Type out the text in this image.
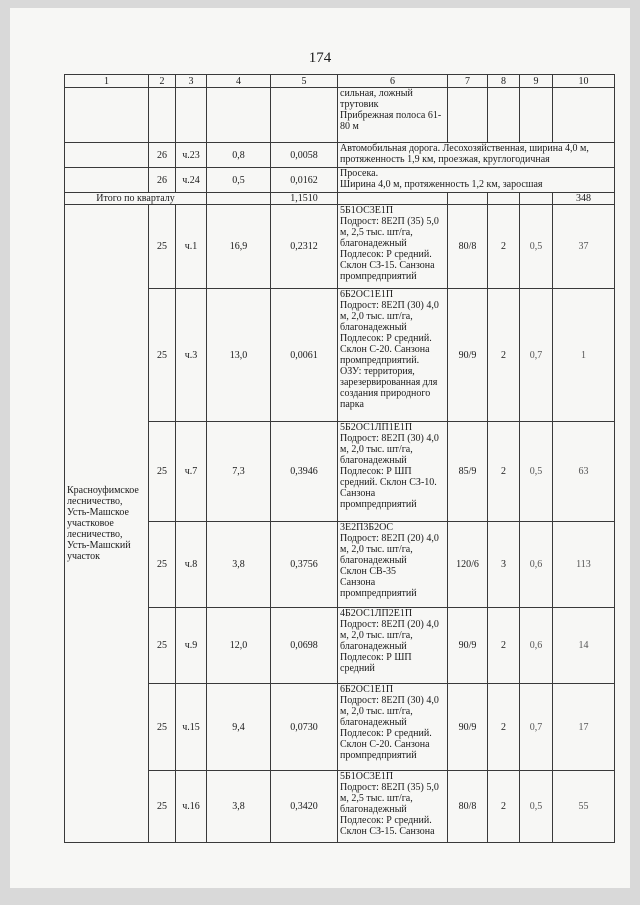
174
1	2	3	4	5	6	7	8	9	10
					сильная, ложный трутовик
Прибрежная полоса 61-80 м				
	26	ч.23	0,8	0,0058	Автомобильная дорога. Лесохозяйственная, ширина 4,0 м, протяженность 1,9 км, проезжая, круглогодичная				
	26	ч.24	0,5	0,0162	Просека.
Ширина 4,0 м, протяженность 1,2 км, заросшая				
Итого по кварталу				1,1510					348
Красноуфимское лесничество, Усть-Машское участковое лесничество, Усть-Машский участок	25	ч.1	16,9	0,2312	5Б1ОС3Е1П
Подрост: 8Е2П (35) 5,0 м, 2,5 тыс. шт/га, благонадежный
Подлесок: Р средний.
Склон СЗ-15. Санзона промпредприятий	80/8	2	0,5	37
	25	ч.3	13,0	0,0061	6Б2ОС1Е1П
Подрост: 8Е2П (30) 4,0 м, 2,0 тыс. шт/га, благонадежный
Подлесок: Р средний.
Склон С-20. Санзона промпредприятий.
ОЗУ: территория, зарезервированная для создания природного парка	90/9	2	0,7	1
	25	ч.7	7,3	0,3946	5Б2ОС1ЛП1Е1П
Подрост: 8Е2П (30) 4,0 м, 2,0 тыс. шт/га, благонадежный
Подлесок: Р ШП средний. Склон СЗ-10. Санзона промпредприятий	85/9	2	0,5	63
	25	ч.8	3,8	0,3756	3Е2П3Б2ОС
Подрост: 8Е2П (20) 4,0 м, 2,0 тыс. шт/га, благонадежный
Склон СВ-35
Санзона промпредприятий	120/6	3	0,6	113
	25	ч.9	12,0	0,0698	4Б2ОС1ЛП2Е1П
Подрост: 8Е2П (20) 4,0 м, 2,0 тыс. шт/га, благонадежный
Подлесок: Р ШП средний	90/9	2	0,6	14
	25	ч.15	9,4	0,0730	6Б2ОС1Е1П
Подрост: 8Е2П (30) 4,0 м, 2,0 тыс. шт/га, благонадежный
Подлесок: Р средний.
Склон С-20. Санзона промпредприятий	90/9	2	0,7	17
	25	ч.16	3,8	0,3420	5Б1ОС3Е1П
Подрост: 8Е2П (35) 5,0 м, 2,5 тыс. шт/га, благонадежный
Подлесок: Р средний.
Склон СЗ-15. Санзона	80/8	2	0,5	55
